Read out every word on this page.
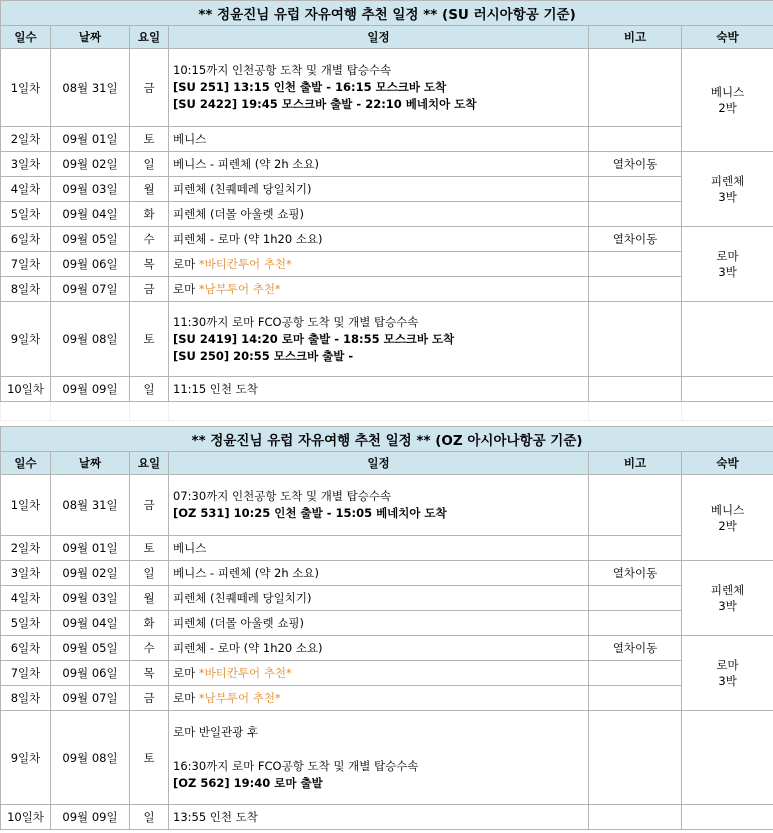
** 정윤진님 유럽 자유여행 추천 일정 ** (SU 러시아항공 기준)					
일수	날짜	요일	일정	비고	숙박
1일차	08월 31일	금	10:15까지 인천공항 도착 및 개별 탑승수속
[SU 251] 13:15 인천 출발 - 16:15 모스크바 도착
[SU 2422] 19:45 모스크바 출발 - 22:10 베네치아 도착		베니스
2박

2일차	09월 01일	토	베니스		
3일차	09월 02일	일	베니스 - 피렌체 (약 2h 소요)	열차이동	피렌체
3박

4일차	09월 03일	월	피렌체 (친퀘떼레 당일치기)		
5일차	09월 04일	화	피렌체 (더몰 아울렛 쇼핑)		
6일차	09월 05일	수	피렌체 - 로마 (약 1h20 소요)	열차이동	로마
3박

7일차	09월 06일	목	로마 *바티칸투어 추천*		
8일차	09월 07일	금	로마 *남부투어 추천*		
9일차	09월 08일	토	11:30까지 로마 FCO공항 도착 및 개별 탑승수속
[SU 2419] 14:20 로마 출발 - 18:55 모스크바 도착
[SU 250] 20:55 모스크바 출발 -		

10일차	09월 09일	일	11:15 인천 도착		

** 정윤진님 유럽 자유여행 추천 일정 ** (OZ 아시아나항공 기준)					
일수	날짜	요일	일정	비고	숙박
1일차	08월 31일	금	07:30까지 인천공항 도착 및 개별 탑승수속
[OZ 531] 10:25 인천 출발 - 15:05 베네치아 도착		베니스
2박

2일차	09월 01일	토	베니스		
3일차	09월 02일	일	베니스 - 피렌체 (약 2h 소요)	열차이동	피렌체
3박

4일차	09월 03일	월	피렌체 (친퀘떼레 당일치기)		
5일차	09월 04일	화	피렌체 (더몰 아울렛 쇼핑)		
6일차	09월 05일	수	피렌체 - 로마 (약 1h20 소요)	열차이동	로마
3박

7일차	09월 06일	목	로마 *바티칸투어 추천*		
8일차	09월 07일	금	로마 *남부투어 추천*		
9일차	09월 08일	토	로마 반일관광 후
16:30까지 로마 FCO공항 도착 및 개별 탑승수속
[OZ 562] 19:40 로마 출발		

10일차	09월 09일	일	13:55 인천 도착		
